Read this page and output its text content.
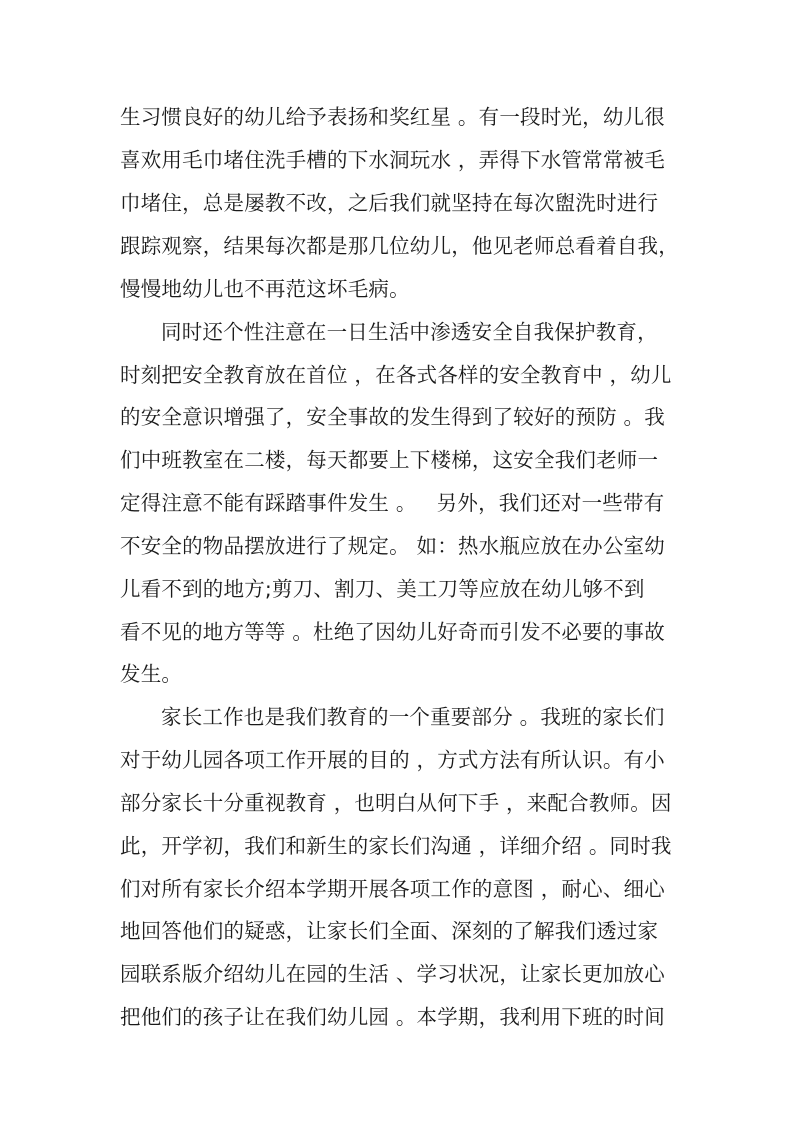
生习惯良好的幼儿给予表扬和奖红星 。有一段时光，幼儿很
喜欢用毛巾堵住洗手槽的下水洞玩水 ，弄得下水管常常被毛
巾堵住，总是屡教不改，之后我们就坚持在每次盥洗时进行
跟踪观察，结果每次都是那几位幼儿，他见老师总看着自我，
慢慢地幼儿也不再范这坏毛病。
同时还个性注意在一日生活中渗透安全自我保护教育，
时刻把安全教育放在首位 ，在各式各样的安全教育中 ，幼儿
的安全意识增强了，安全事故的发生得到了较好的预防 。我
们中班教室在二楼，每天都要上下楼梯，这安全我们老师一
定得注意不能有踩踏事件发生 。   另外，我们还对一些带有
不安全的物品摆放进行了规定。 如：热水瓶应放在办公室幼
儿看不到的地方;剪刀、割刀、美工刀等应放在幼儿够不到
看不见的地方等等 。杜绝了因幼儿好奇而引发不必要的事故
发生。
家长工作也是我们教育的一个重要部分 。我班的家长们
对于幼儿园各项工作开展的目的 ，方式方法有所认识。有小
部分家长十分重视教育 ，也明白从何下手 ，来配合教师。因
此，开学初，我们和新生的家长们沟通 ，详细介绍 。同时我
们对所有家长介绍本学期开展各项工作的意图 ，耐心、细心
地回答他们的疑惑，让家长们全面、深刻的了解我们透过家
园联系版介绍幼儿在园的生活 、学习状况，让家长更加放心
把他们的孩子让在我们幼儿园 。本学期，我利用下班的时间
